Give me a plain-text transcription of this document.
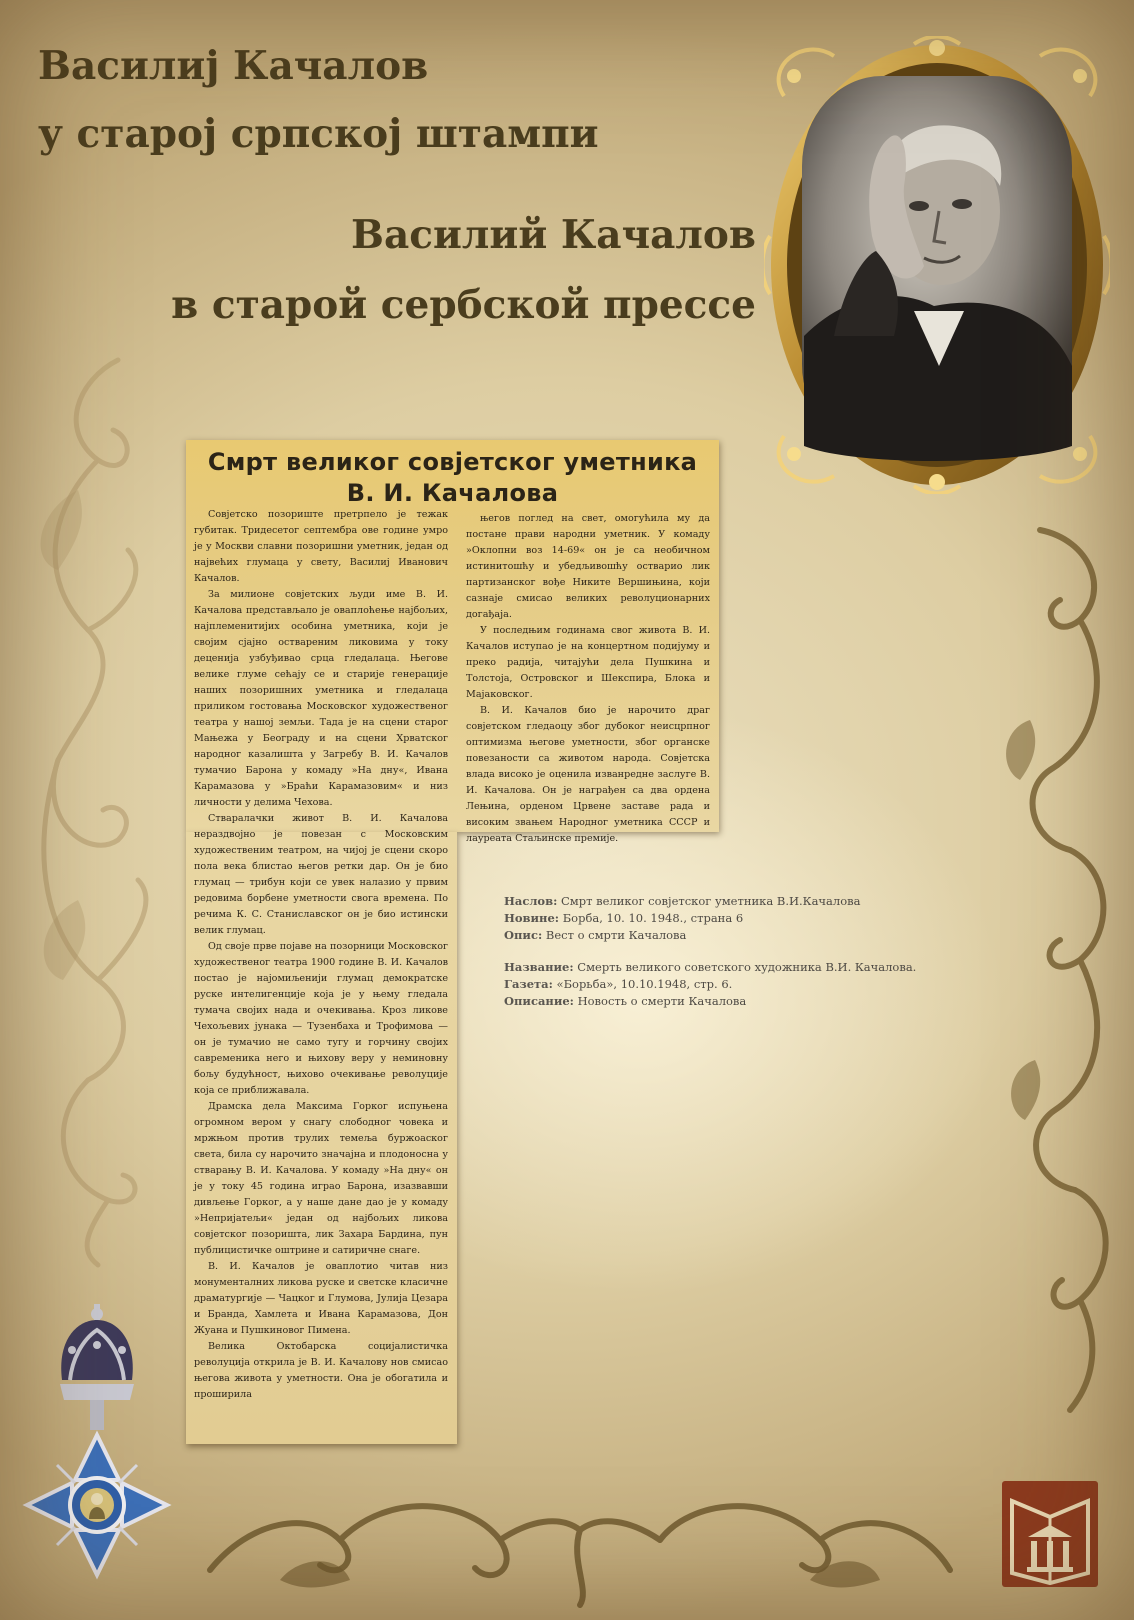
Василиј Качалов
у старој српској штампи
Василий Качалов
в старой сербской прессе
Смрт великог совјетског уметника
В. И. Качалова

Совјетско позориште претрпело је тежак губитак. Тридесетог септембра ове године умро је у Москви славни позоришни уметник, један од највећих глумаца у свету, Василиј Иванович Качалов.

За милионе совјетских људи име В. И. Качалова представљало је оваплоћење најбољих, најплеменитијих особина уметника, који је својим сјајно оствареним ликовима у току деценија узбуђивао срца гледалаца. Његове велике глуме сећају се и старије генерације наших позоришних уметника и гледалаца приликом гостовања Московског художественог театра у нашој земљи. Тада је на сцени старог Мањежа у Београду и на сцени Хрватског народног казалишта у Загребу В. И. Качалов тумачио Барона у комаду »На дну«, Ивана Карамазова у »Браћи Карамазовим« и низ личности у делима Чехова.

Стваралачки живот В. И. Качалова нераздвојно је повезан с Московским художественим театром, на чијој је сцени скоро пола века блистао његов ретки дар. Он је био глумац — трибун који се увек налазио у првим редовима борбене уметности свога времена. По речима К. С. Станиславског он је био истински велик глумац.

Од своје прве појаве на позорници Московског художественог театра 1900 године В. И. Качалов постао је најомиљенији глумац демократске руске интелигенције која је у њему гледала тумача својих нада и очекивања. Кроз ликове Чехољевих јунака — Тузенбаха и Трофимова — он је тумачио не само тугу и горчину својих савременика него и њихову веру у неминовну бољу будућност, њихово очекивање револуције која се приближавала.

Драмска дела Максима Горког испуњена огромном вером у снагу слободног човека и мржњом против трулих темеља буржоаског света, била су нарочито значајна и плодоносна у стварању В. И. Качалова. У комаду »На дну« он је у току 45 година играо Барона, изазвавши дивљење Горког, а у наше дане дао је у комаду »Непријатељи« један од најбољих ликова совјетског позоришта, лик Захара Бардина, пун публицистичке оштрине и сатиричне снаге.

В. И. Качалов је оваплотио читав низ монументалних ликова руске и светске класичне драматургије — Чацког и Глумова, Јулија Цезара и Бранда, Хамлета и Ивана Карамазова, Дон Жуана и Пушкиновог Пимена.

Велика Октобарска социјалистичка револуција открила је В. И. Качалову нов смисао његова живота у уметности. Она је обогатила и проширила

његов поглед на свет, омогућила му да постане прави народни уметник. У комаду »Оклопни воз 14-69« он је са необичном истинитошћу и убедљивошћу остварио лик партизанског вође Никите Вершињина, који сазнаје смисао великих револуционарних догађаја.

У последњим годинама свог живота В. И. Качалов иступао је на концертном подијуму и преко радија, читајући дела Пушкина и Толстоја, Островског и Шекспира, Блока и Мајаковског.

В. И. Качалов био је нарочито драг совјетском гледаоцу због дубоког неисцрпног оптимизма његове уметности, због органске повезаности са животом народа. Совјетска влада високо је оценила изванредне заслуге В. И. Качалова. Он је награђен са два ордена Лењина, орденом Црвене заставе рада и високим звањем Народног уметника СССР и лауреата Стаљинске премије.

Наслов: Смрт великог совјетског уметника В.И.Качалова
Новине: Борба, 10. 10. 1948., страна 6
Опис: Вест о смрти Качалова
Название: Смерть великого советского художника В.И. Качалова.
Газета: «Борьба», 10.10.1948, стр. 6.
Описание: Новость о смерти Качалова
